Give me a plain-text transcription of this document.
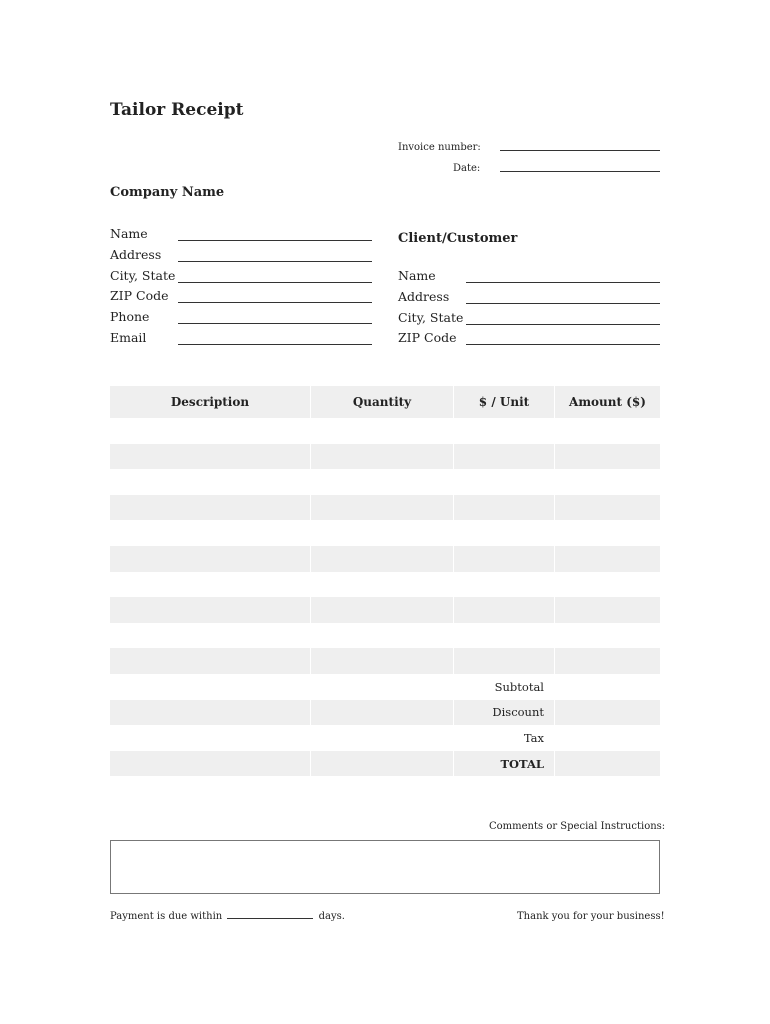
Tailor Receipt
Invoice number:
Date:
Company Name
Name
Address
City, State
ZIP Code
Phone
Email
Client/Customer
Name
Address
City, State
ZIP Code
Description	Quantity	$ / Unit	Amount ($)
Subtotal
Discount
Tax
TOTAL
Comments or Special Instructions:
Payment is due within	days.	Thank you for your business!
